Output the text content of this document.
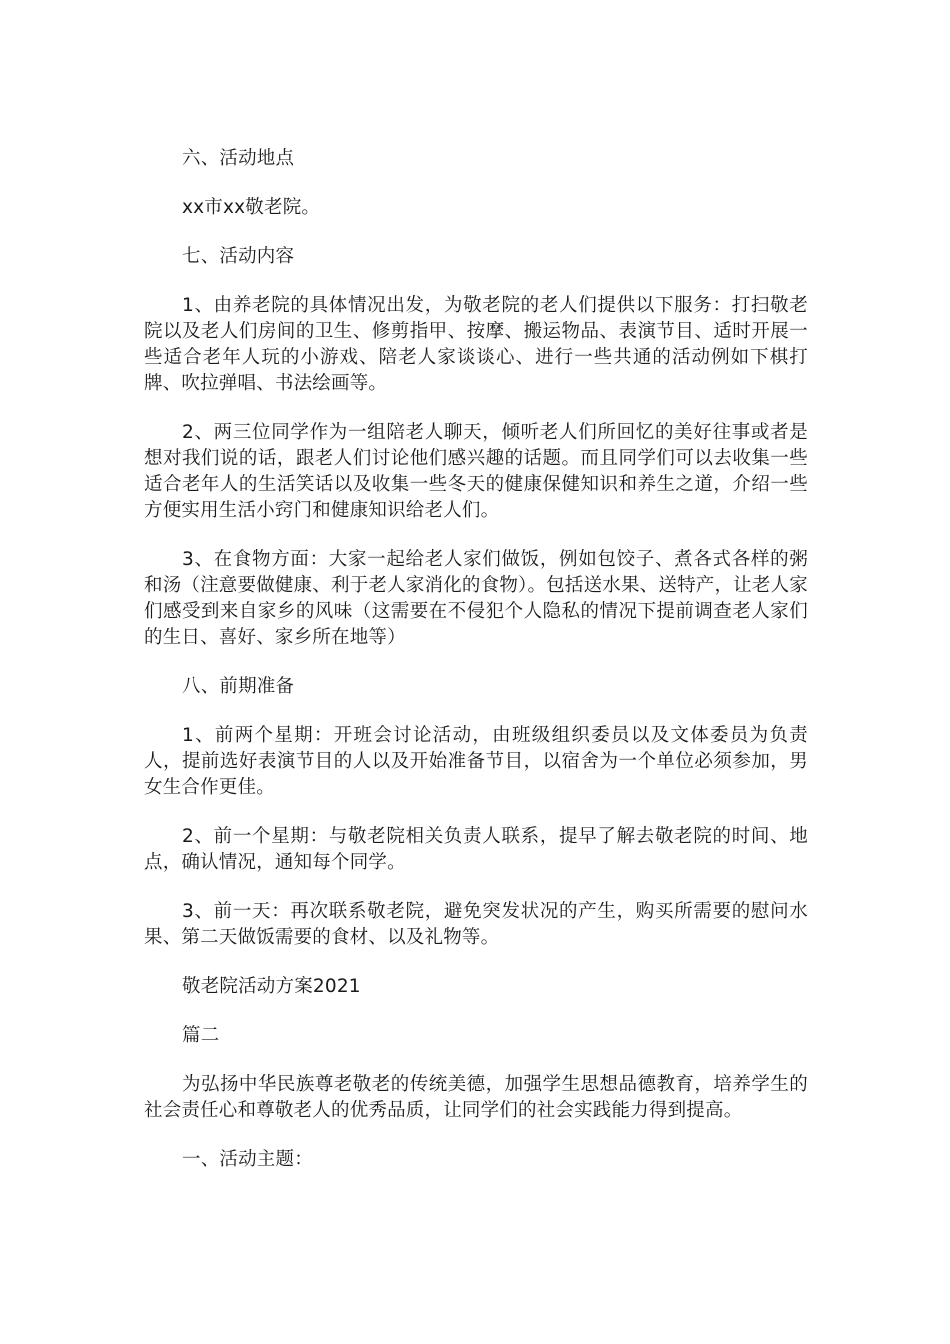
六、活动地点

xx市xx敬老院。

七、活动内容

1、由养老院的具体情况出发，为敬老院的老人们提供以下服务：打扫敬老院以及老人们房间的卫生、修剪指甲、按摩、搬运物品、表演节目、适时开展一些适合老年人玩的小游戏、陪老人家谈谈心、进行一些共通的活动例如下棋打牌、吹拉弹唱、书法绘画等。

2、两三位同学作为一组陪老人聊天，倾听老人们所回忆的美好往事或者是想对我们说的话，跟老人们讨论他们感兴趣的话题。而且同学们可以去收集一些适合老年人的生活笑话以及收集一些冬天的健康保健知识和养生之道，介绍一些方便实用生活小窍门和健康知识给老人们。

3、在食物方面：大家一起给老人家们做饭，例如包饺子、煮各式各样的粥和汤（注意要做健康、利于老人家消化的食物）。包括送水果、送特产，让老人家们感受到来自家乡的风味（这需要在不侵犯个人隐私的情况下提前调查老人家们的生日、喜好、家乡所在地等）

八、前期准备

1、前两个星期：开班会讨论活动，由班级组织委员以及文体委员为负责人，提前选好表演节目的人以及开始准备节目，以宿舍为一个单位必须参加，男女生合作更佳。

2、前一个星期：与敬老院相关负责人联系，提早了解去敬老院的时间、地点，确认情况，通知每个同学。

3、前一天：再次联系敬老院，避免突发状况的产生，购买所需要的慰问水果、第二天做饭需要的食材、以及礼物等。

敬老院活动方案2021

篇二

为弘扬中华民族尊老敬老的传统美德，加强学生思想品德教育，培养学生的社会责任心和尊敬老人的优秀品质，让同学们的社会实践能力得到提高。

一、活动主题：
